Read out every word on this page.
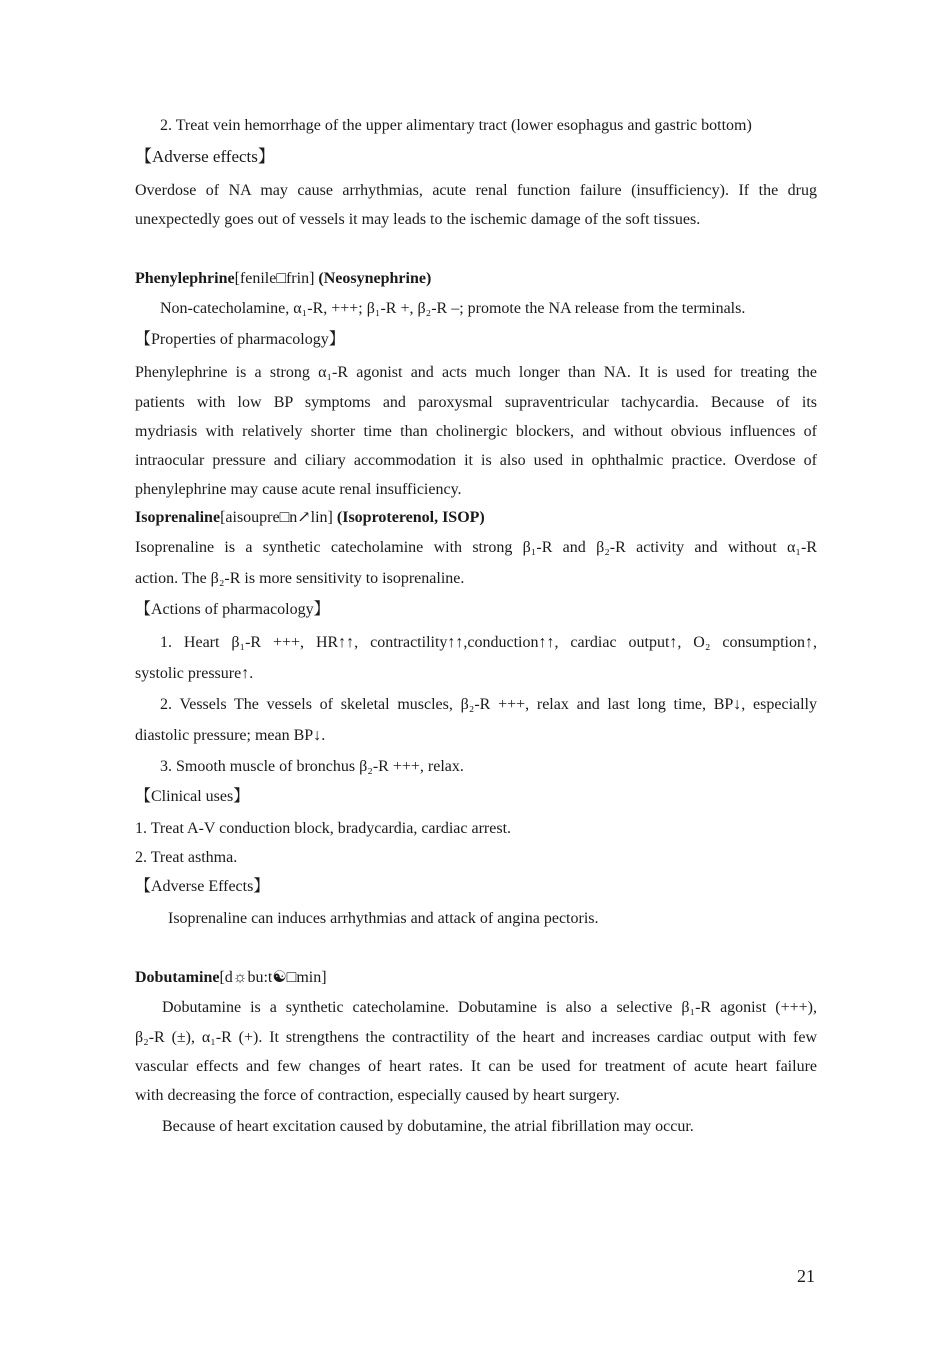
2. Treat vein hemorrhage of the upper alimentary tract (lower esophagus and gastric bottom)
【Adverse effects】
Overdose of NA may cause arrhythmias, acute renal function failure (insufficiency). If the drug
unexpectedly goes out of vessels it may leads to the ischemic damage of the soft tissues.
Phenylephrine[fenile□frin] (Neosynephrine)
Non-catecholamine, α₁-R, +++; β₁-R +, β₂-R –; promote the NA release from the terminals.
【Properties of pharmacology】
Phenylephrine is a strong α₁-R agonist and acts much longer than NA. It is used for treating the
patients with low BP symptoms and paroxysmal supraventricular tachycardia. Because of its
mydriasis with relatively shorter time than cholinergic blockers, and without obvious influences of
intraocular pressure and ciliary accommodation it is also used in ophthalmic practice. Overdose of
phenylephrine may cause acute renal insufficiency.
Isoprenaline[aisoupre□n↗lin] (Isoproterenol, ISOP)
Isoprenaline is a synthetic catecholamine with strong β₁-R and β₂-R activity and without α₁-R
action. The β₂-R is more sensitivity to isoprenaline.
【Actions of pharmacology】
1. Heart β₁-R +++, HR↑↑, contractility↑↑,conduction↑↑, cardiac output↑, O₂ consumption↑,
systolic pressure↑.
2. Vessels The vessels of skeletal muscles, β₂-R +++, relax and last long time, BP↓, especially
diastolic pressure; mean BP↓.
3. Smooth muscle of bronchus β₂-R +++, relax.
【Clinical uses】
1. Treat A-V conduction block, bradycardia, cardiac arrest.
2. Treat asthma.
【Adverse Effects】
Isoprenaline can induces arrhythmias and attack of angina pectoris.
Dobutamine[d☼bu:t☯□min]
Dobutamine is a synthetic catecholamine. Dobutamine is also a selective β₁-R agonist (+++),
β₂-R (±), α₁-R (+). It strengthens the contractility of the heart and increases cardiac output with few
vascular effects and few changes of heart rates. It can be used for treatment of acute heart failure
with decreasing the force of contraction, especially caused by heart surgery.
Because of heart excitation caused by dobutamine, the atrial fibrillation may occur.
21
